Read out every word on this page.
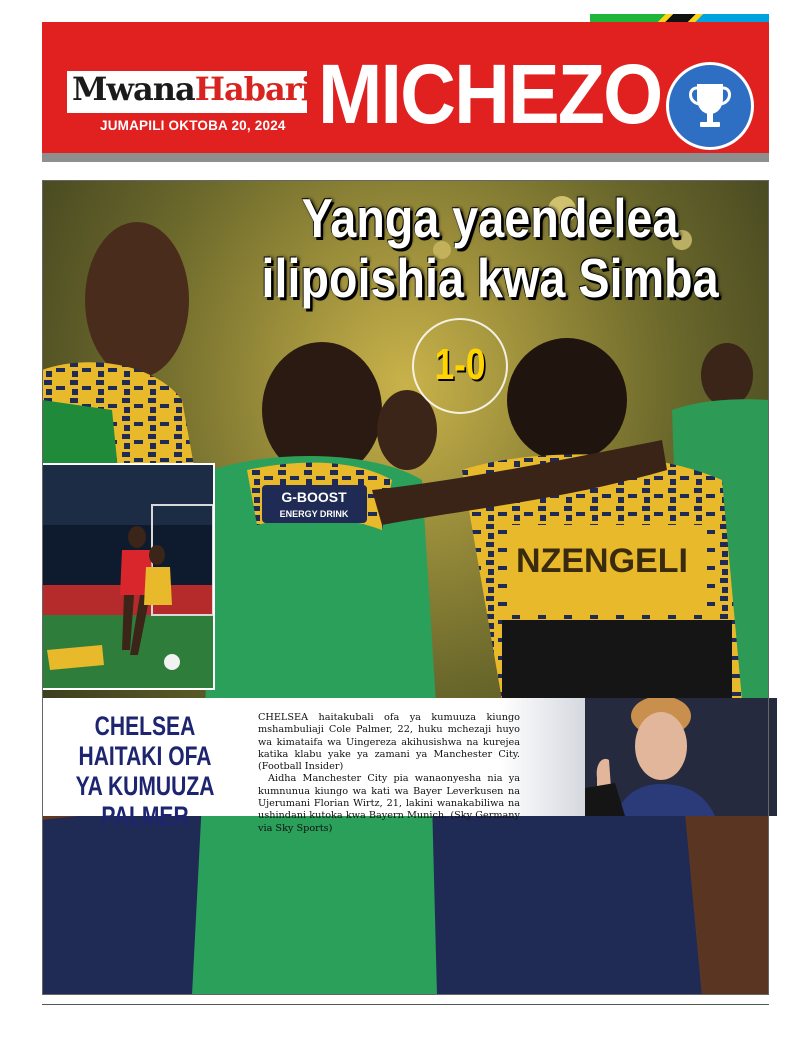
MwanaHabari
JUMAPILI OKTOBA 20, 2024 MICHEZO
G-BOOST
ENERGY DRINK
NZENGELI
Yanga yaendelea
ilipoishia kwa Simba
1-0
CHELSEA HAITAKI OFA YA KUMUUZA PALMER

CHELSEA haitakubali ofa ya kumuuza kiungo mshambuliaji Cole Palmer, 22, huku mchezaji huyo wa kimataifa wa Uingereza akihusishwa na kurejea katika klabu yake ya zamani ya Manchester City. (Football Insider)

Aidha Manchester City pia wanaonyesha nia ya kumnunua kiungo wa kati wa Bayer Leverkusen na Ujerumani Florian Wirtz, 21, lakini wanakabiliwa na ushindani kutoka kwa Bayern Munich. (Sky Germany via Sky Sports)
